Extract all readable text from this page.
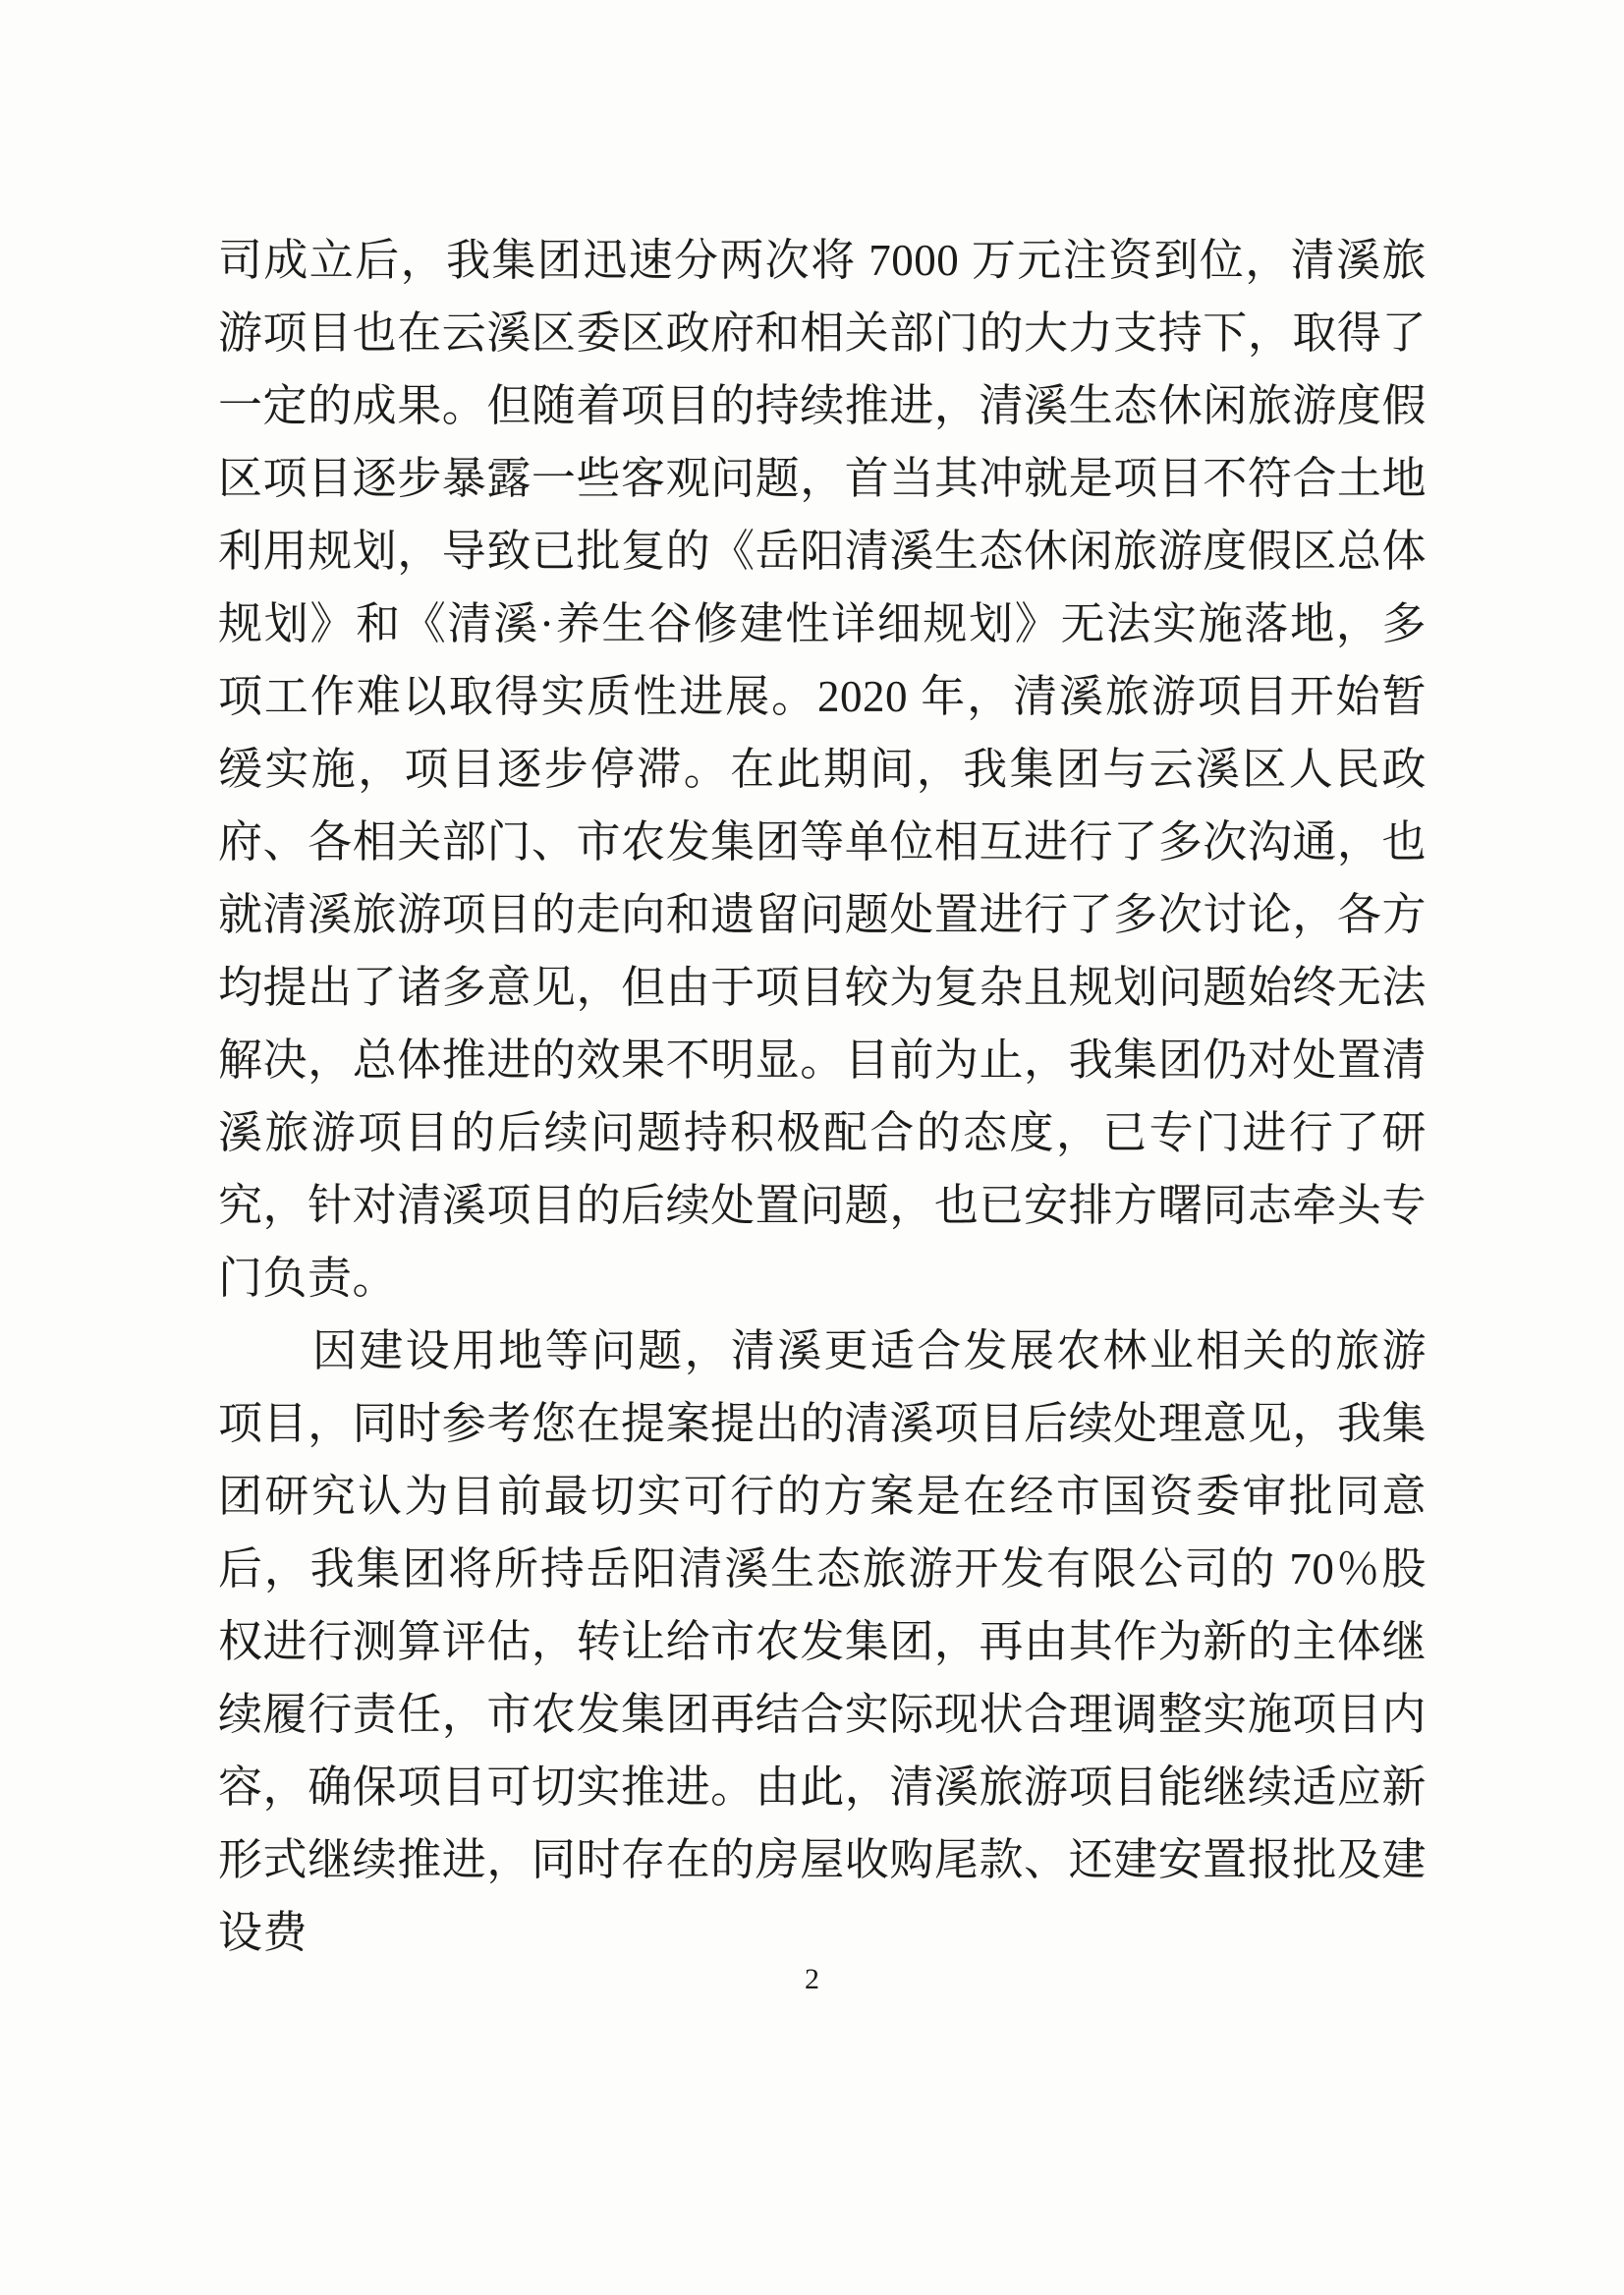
司成立后，我集团迅速分两次将 7000 万元注资到位，清溪旅游项目也在云溪区委区政府和相关部门的大力支持下，取得了一定的成果。但随着项目的持续推进，清溪生态休闲旅游度假区项目逐步暴露一些客观问题，首当其冲就是项目不符合土地利用规划，导致已批复的《岳阳清溪生态休闲旅游度假区总体规划》和《清溪·养生谷修建性详细规划》无法实施落地，多项工作难以取得实质性进展。2020 年，清溪旅游项目开始暂缓实施，项目逐步停滞。在此期间，我集团与云溪区人民政府、各相关部门、市农发集团等单位相互进行了多次沟通，也就清溪旅游项目的走向和遗留问题处置进行了多次讨论，各方均提出了诸多意见，但由于项目较为复杂且规划问题始终无法解决，总体推进的效果不明显。目前为止，我集团仍对处置清溪旅游项目的后续问题持积极配合的态度，已专门进行了研究，针对清溪项目的后续处置问题，也已安排方曙同志牵头专门负责。

因建设用地等问题，清溪更适合发展农林业相关的旅游项目，同时参考您在提案提出的清溪项目后续处理意见，我集团研究认为目前最切实可行的方案是在经市国资委审批同意后，我集团将所持岳阳清溪生态旅游开发有限公司的 70％股权进行测算评估，转让给市农发集团，再由其作为新的主体继续履行责任，市农发集团再结合实际现状合理调整实施项目内容，确保项目可切实推进。由此，清溪旅游项目能继续适应新形式继续推进，同时存在的房屋收购尾款、还建安置报批及建设费

2
